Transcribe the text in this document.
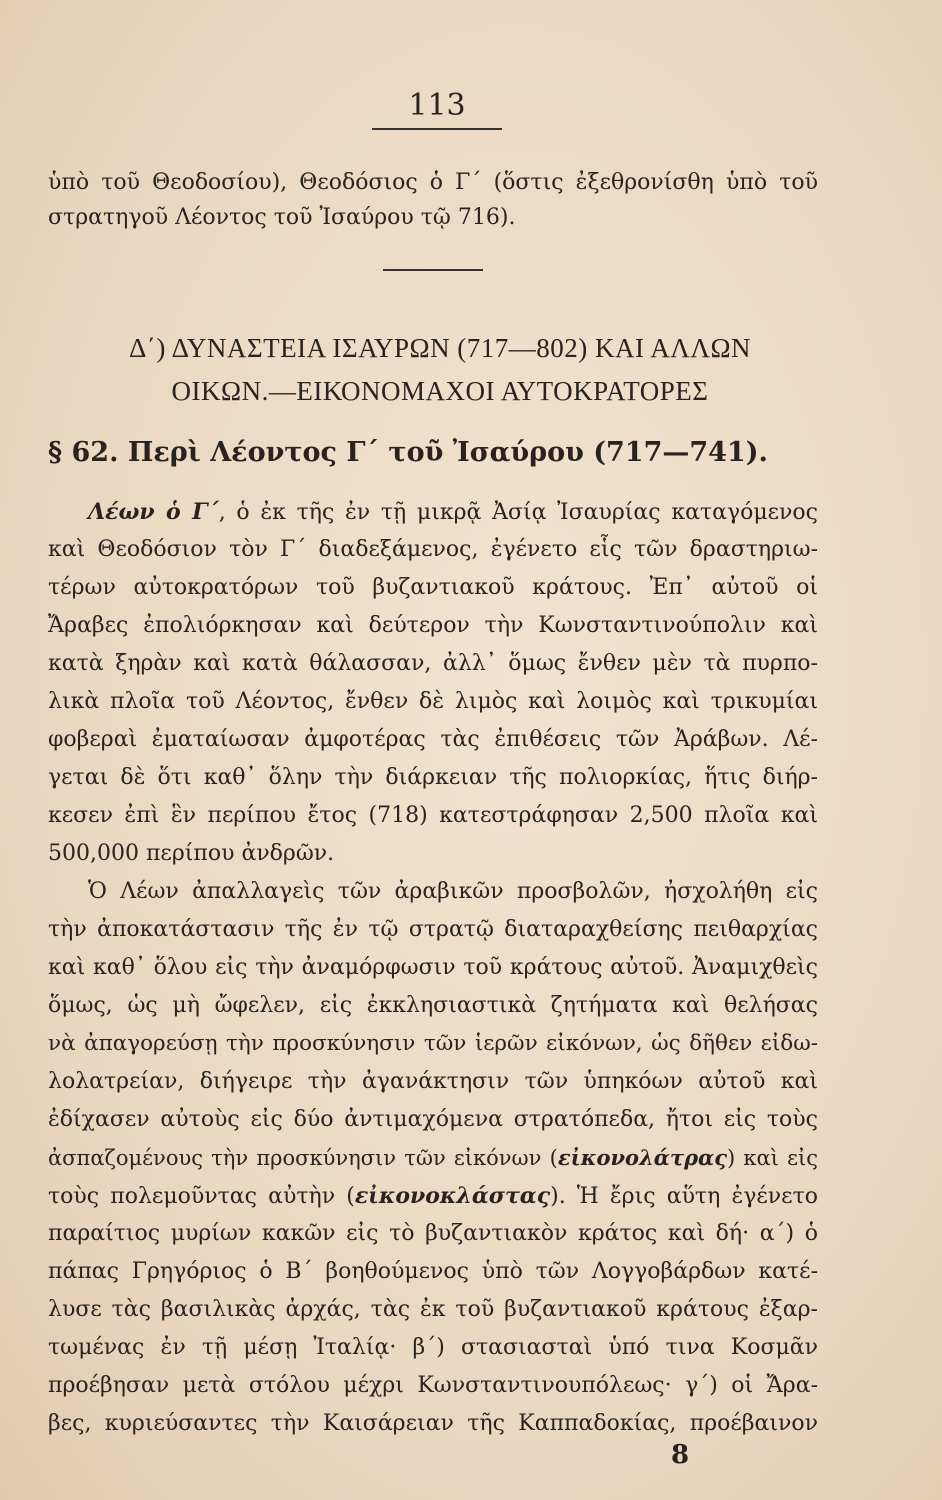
113
ὑπὸ τοῦ Θεοδοσίου), Θεοδόσιος ὁ Γ΄ (ὅστις ἐξεθρονίσθη ὑπὸ τοῦ
στρατηγοῦ Λέοντος τοῦ Ἰσαύρου τῷ 716).
Δ΄) ΔΥΝΑΣΤΕΙΑ ΙΣΑΥΡΩΝ (717—802) ΚΑΙ ΑΛΛΩΝ
ΟΙΚΩΝ.—ΕΙΚΟΝΟΜΑΧΟΙ ΑΥΤΟΚΡΑΤΟΡΕΣ
§ 62. Περὶ Λέοντος Γ΄ τοῦ Ἰσαύρου (717—741).
Λέων ὁ Γ΄, ὁ ἐκ τῆς ἐν τῇ μικρᾷ Ἀσίᾳ Ἰσαυρίας καταγόμενος
καὶ Θεοδόσιον τὸν Γ΄ διαδεξάμενος, ἐγένετο εἷς τῶν δραστηριω-
τέρων αὐτοκρατόρων τοῦ βυζαντιακοῦ κράτους. Ἐπ᾽ αὐτοῦ οἱ
Ἄραβες ἐπολιόρκησαν καὶ δεύτερον τὴν Κωνσταντινούπολιν καὶ
κατὰ ξηρὰν καὶ κατὰ θάλασσαν, ἀλλ᾽ ὅμως ἔνθεν μὲν τὰ πυρπο-
λικὰ πλοῖα τοῦ Λέοντος, ἔνθεν δὲ λιμὸς καὶ λοιμὸς καὶ τρικυμίαι
φοβεραὶ ἐματαίωσαν ἀμφοτέρας τὰς ἐπιθέσεις τῶν Ἀράβων. Λέ-
γεται δὲ ὅτι καθ᾽ ὅλην τὴν διάρκειαν τῆς πολιορκίας, ἥτις διήρ-
κεσεν ἐπὶ ἓν περίπου ἔτος (718) κατεστράφησαν 2,500 πλοῖα καὶ
500,000 περίπου ἀνδρῶν.
Ὁ Λέων ἀπαλλαγεὶς τῶν ἀραβικῶν προσβολῶν, ἠσχολήθη εἰς
τὴν ἀποκατάστασιν τῆς ἐν τῷ στρατῷ διαταραχθείσης πειθαρχίας
καὶ καθ᾽ ὅλου εἰς τὴν ἀναμόρφωσιν τοῦ κράτους αὐτοῦ. Ἀναμιχθεὶς
ὅμως, ὡς μὴ ὤφελεν, εἰς ἐκκλησιαστικὰ ζητήματα καὶ θελήσας
νὰ ἀπαγορεύσῃ τὴν προσκύνησιν τῶν ἱερῶν εἰκόνων, ὡς δῆθεν εἰδω-
λολατρείαν, διήγειρε τὴν ἀγανάκτησιν τῶν ὑπηκόων αὐτοῦ καὶ
ἐδίχασεν αὐτοὺς εἰς δύο ἀντιμαχόμενα στρατόπεδα, ἤτοι εἰς τοὺς
ἀσπαζομένους τὴν προσκύνησιν τῶν εἰκόνων (εἰκονολάτρας) καὶ εἰς
τοὺς πολεμοῦντας αὐτὴν (εἰκονοκλάστας). Ἡ ἔρις αὕτη ἐγένετο
παραίτιος μυρίων κακῶν εἰς τὸ βυζαντιακὸν κράτος καὶ δή· α΄) ὁ
πάπας Γρηγόριος ὁ Β΄ βοηθούμενος ὑπὸ τῶν Λογγοβάρδων κατέ-
λυσε τὰς βασιλικὰς ἀρχάς, τὰς ἐκ τοῦ βυζαντιακοῦ κράτους ἐξαρ-
τωμένας ἐν τῇ μέσῃ Ἰταλίᾳ· β΄) στασιασταὶ ὑπό τινα Κοσμᾶν
προέβησαν μετὰ στόλου μέχρι Κωνσταντινουπόλεως· γ΄) οἱ Ἄρα-
βες, κυριεύσαντες τὴν Καισάρειαν τῆς Καππαδοκίας, προέβαινον
8
